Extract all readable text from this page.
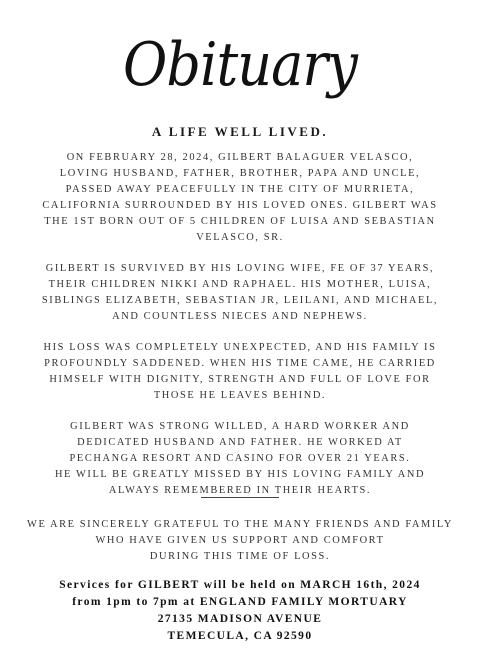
Obituary
A LIFE WELL LIVED.
ON FEBRUARY 28, 2024, GILBERT BALAGUER VELASCO,
LOVING HUSBAND, FATHER, BROTHER, PAPA AND UNCLE,
PASSED AWAY PEACEFULLY IN THE CITY OF MURRIETA,
CALIFORNIA SURROUNDED BY HIS LOVED ONES. GILBERT WAS
THE 1ST BORN OUT OF 5 CHILDREN OF LUISA AND SEBASTIAN
VELASCO, SR.
GILBERT IS SURVIVED BY HIS LOVING WIFE, FE OF 37 YEARS,
THEIR CHILDREN NIKKI AND RAPHAEL. HIS MOTHER, LUISA,
SIBLINGS ELIZABETH, SEBASTIAN JR, LEILANI, AND MICHAEL,
AND COUNTLESS NIECES AND NEPHEWS.
HIS LOSS WAS COMPLETELY UNEXPECTED, AND HIS FAMILY IS
PROFOUNDLY SADDENED. WHEN HIS TIME CAME, HE CARRIED
HIMSELF WITH DIGNITY, STRENGTH AND FULL OF LOVE FOR
THOSE HE LEAVES BEHIND.
GILBERT WAS STRONG WILLED, A HARD WORKER AND
DEDICATED HUSBAND AND FATHER. HE WORKED AT
PECHANGA RESORT AND CASINO FOR OVER 21 YEARS.
HE WILL BE GREATLY MISSED BY HIS LOVING FAMILY AND
ALWAYS REMEMBERED IN THEIR HEARTS.
WE ARE SINCERELY GRATEFUL TO THE MANY FRIENDS AND FAMILY
WHO HAVE GIVEN US SUPPORT AND COMFORT
DURING THIS TIME OF LOSS.
Services for GILBERT will be held on MARCH 16th, 2024
from 1pm to 7pm at ENGLAND FAMILY MORTUARY
27135 MADISON AVENUE
TEMECULA, CA 92590
